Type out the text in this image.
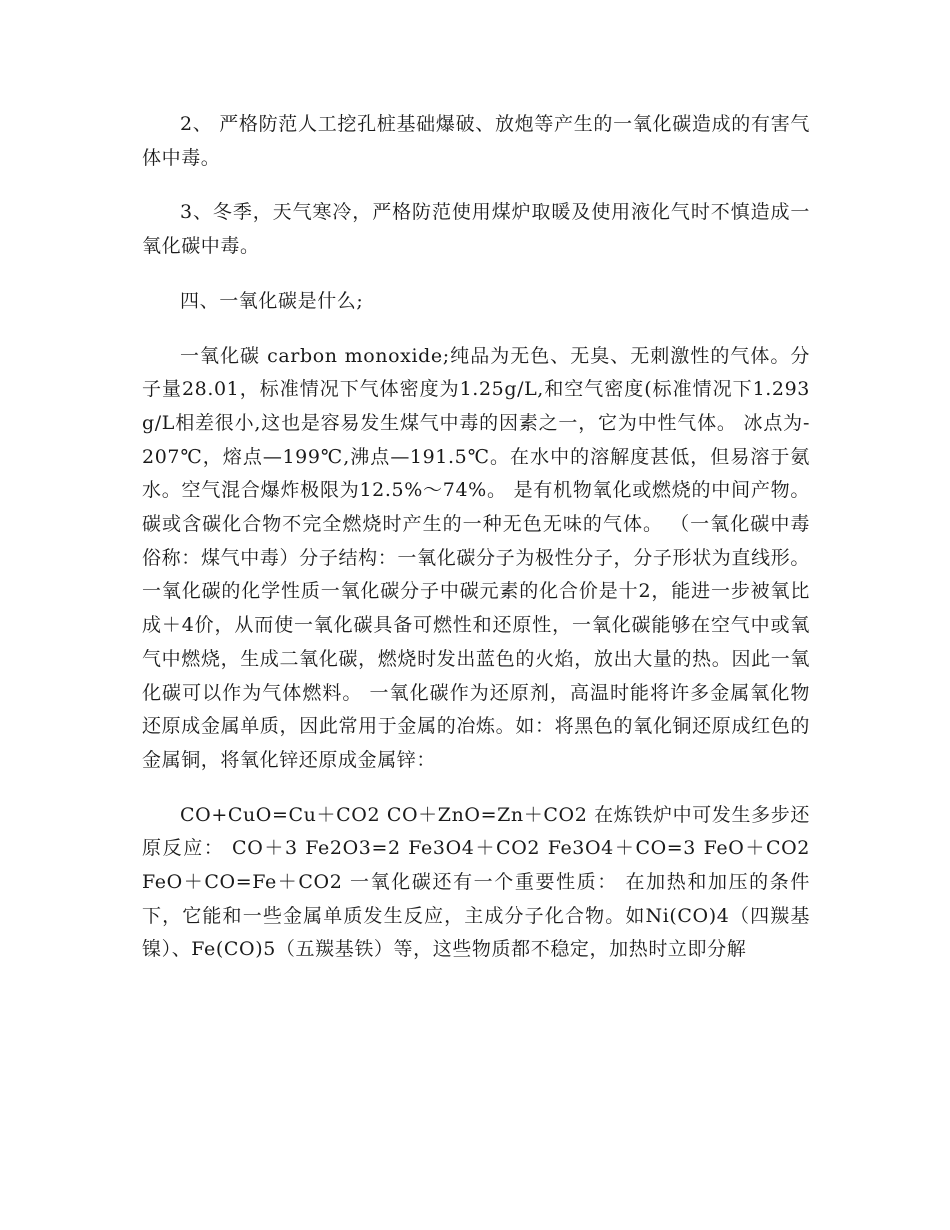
2、 严格防范人工挖孔桩基础爆破、放炮等产生的一氧化碳造成的有害气体中毒。

3、冬季，天气寒冷，严格防范使用煤炉取暖及使用液化气时不慎造成一氧化碳中毒。

四、一氧化碳是什么;

一氧化碳 carbon monoxide;纯品为无色、无臭、无刺激性的气体。分子量28.01，标准情况下气体密度为1.25g/L,和空气密度(标准情况下1.293g/L相差很小,这也是容易发生煤气中毒的因素之一，它为中性气体。 冰点为-207℃，熔点—199℃,沸点—191.5℃。在水中的溶解度甚低，但易溶于氨水。空气混合爆炸极限为12.5%～74%。 是有机物氧化或燃烧的中间产物。 碳或含碳化合物不完全燃烧时产生的一种无色无味的气体。 （一氧化碳中毒俗称：煤气中毒）分子结构：一氧化碳分子为极性分子，分子形状为直线形。 一氧化碳的化学性质一氧化碳分子中碳元素的化合价是十2，能进一步被氧比成＋4价，从而使一氧化碳具备可燃性和还原性，一氧化碳能够在空气中或氧气中燃烧，生成二氧化碳，燃烧时发出蓝色的火焰，放出大量的热。因此一氧化碳可以作为气体燃料。 一氧化碳作为还原剂，高温时能将许多金属氧化物还原成金属单质，因此常用于金属的冶炼。如：将黑色的氧化铜还原成红色的金属铜，将氧化锌还原成金属锌：

CO+CuO=Cu＋CO2 CO＋ZnO=Zn＋CO2 在炼铁炉中可发生多步还原反应： CO＋3 Fe2O3=2 Fe3O4＋CO2 Fe3O4＋CO=3 FeO＋CO2 FeO＋CO=Fe＋CO2 一氧化碳还有一个重要性质： 在加热和加压的条件下，它能和一些金属单质发生反应，主成分子化合物。如Ni(CO)4（四羰基镍）、Fe(CO)5（五羰基铁）等，这些物质都不稳定，加热时立即分解
